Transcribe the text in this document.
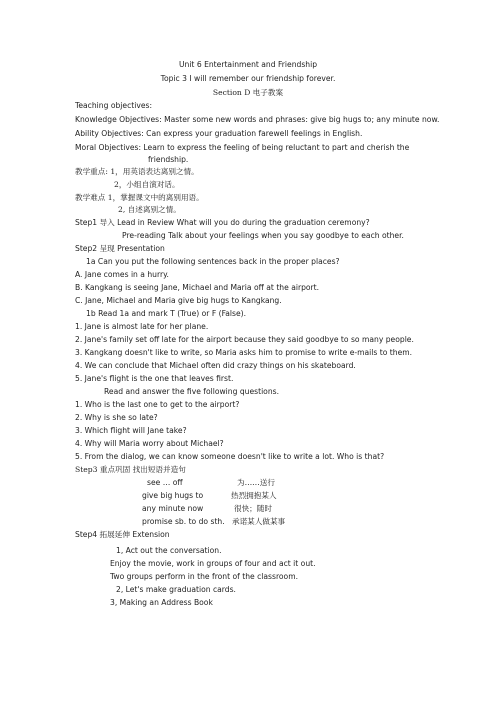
Unit 6 Entertainment and Friendship
Topic 3 I will remember our friendship forever.
Section D 电子教案
Teaching objectives:
Knowledge Objectives: Master some new words and phrases: give big hugs to; any minute now.
Ability Objectives: Can express your graduation farewell feelings in English.
Moral Objectives: Learn to express the feeling of being reluctant to part and cherish the
friendship.
教学重点: 1，用英语表达离别之情。
2，小组自演对话。
教学难点 1，掌握课文中的离别用语。
2, 自述离别之情。
Step1 导入 Lead in Review What will you do during the graduation ceremony?
Pre-reading Talk about your feelings when you say goodbye to each other.
Step2 呈现 Presentation
1a Can you put the following sentences back in the proper places?
A. Jane comes in a hurry.
B. Kangkang is seeing Jane, Michael and Maria off at the airport.
C. Jane, Michael and Maria give big hugs to Kangkang.
1b Read 1a and mark T (True) or F (False).
1. Jane is almost late for her plane.
2. Jane's family set off late for the airport because they said goodbye to so many people.
3. Kangkang doesn't like to write, so Maria asks him to promise to write e-mails to them.
4. We can conclude that Michael often did crazy things on his skateboard.
5. Jane's flight is the one that leaves first.
Read and answer the five following questions.
1. Who is the last one to get to the airport?
2. Why is she so late?
3. Which flight will Jane take?
4. Why will Maria worry about Michael?
5. From the dialog, we can know someone doesn't like to write a lot. Who is that?
Step3 重点巩固 找出短语并造句
see … off	为……送行
give big hugs to	热烈拥抱某人
any minute now	很快；随时
promise sb. to do sth. 承诺某人做某事
Step4 拓展延伸 Extension
1, Act out the conversation.
Enjoy the movie, work in groups of four and act it out.
Two groups perform in the front of the classroom.
2, Let's make graduation cards.
3, Making an Address Book
